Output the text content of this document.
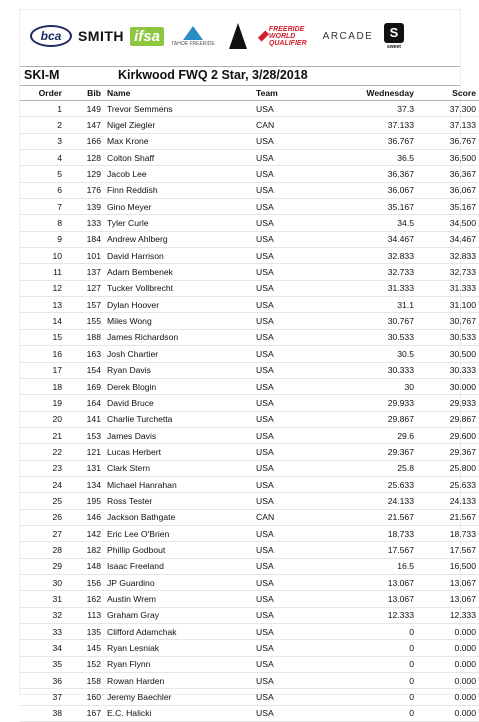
bca	SMITH ifsa	TAHOE FREERIDE
FREERIDE WORLD QUALIFIER
ARCADE	S
sweet
SKI-M	Kirkwood FWQ 2 Star, 3/28/2018
Order	Bib	Name	Team	Wednesday	Score
1	149	Trevor Semmens	USA	37.3	37.300
2	147	Nigel Ziegler	CAN	37.133	37.133
3	166	Max Krone	USA	36.767	36.767
4	128	Colton Shaff	USA	36.5	36.500
5	129	Jacob Lee	USA	36.367	36.367
6	176	Finn Reddish	USA	36.067	36.067
7	139	Gino Meyer	USA	35.167	35.167
8	133	Tyler Curle	USA	34.5	34.500
9	184	Andrew Ahlberg	USA	34.467	34.467
10	101	David Harrison	USA	32.833	32.833
11	137	Adam Bembenek	USA	32.733	32.733
12	127	Tucker Vollbrecht	USA	31.333	31.333
13	157	Dylan Hoover	USA	31.1	31.100
14	155	Miles Wong	USA	30.767	30.767
15	188	James Richardson	USA	30.533	30.533
16	163	Josh Chartier	USA	30.5	30.500
17	154	Ryan Davis	USA	30.333	30.333
18	169	Derek Blogin	USA	30	30.000
19	164	David Bruce	USA	29.933	29.933
20	141	Charlie Turchetta	USA	29.867	29.867
21	153	James Davis	USA	29.6	29.600
22	121	Lucas Herbert	USA	29.367	29.367
23	131	Clark Stern	USA	25.8	25.800
24	134	Michael Hanrahan	USA	25.633	25.633
25	195	Ross Tester	USA	24.133	24.133
26	146	Jackson Bathgate	CAN	21.567	21.567
27	142	Eric Lee O'Brien	USA	18.733	18.733
28	182	Phillip Godbout	USA	17.567	17.567
29	148	Isaac Freeland	USA	16.5	16.500
30	156	JP Guardino	USA	13.067	13.067
31	162	Austin Wrem	USA	13.067	13.067
32	113	Graham Gray	USA	12.333	12.333
33	135	Clifford Adamchak	USA	0	0.000
34	145	Ryan Lesniak	USA	0	0.000
35	152	Ryan Flynn	USA	0	0.000
36	158	Rowan Harden	USA	0	0.000
37	160	Jeremy Baechler	USA	0	0.000
38	167	E.C. Halicki	USA	0	0.000
